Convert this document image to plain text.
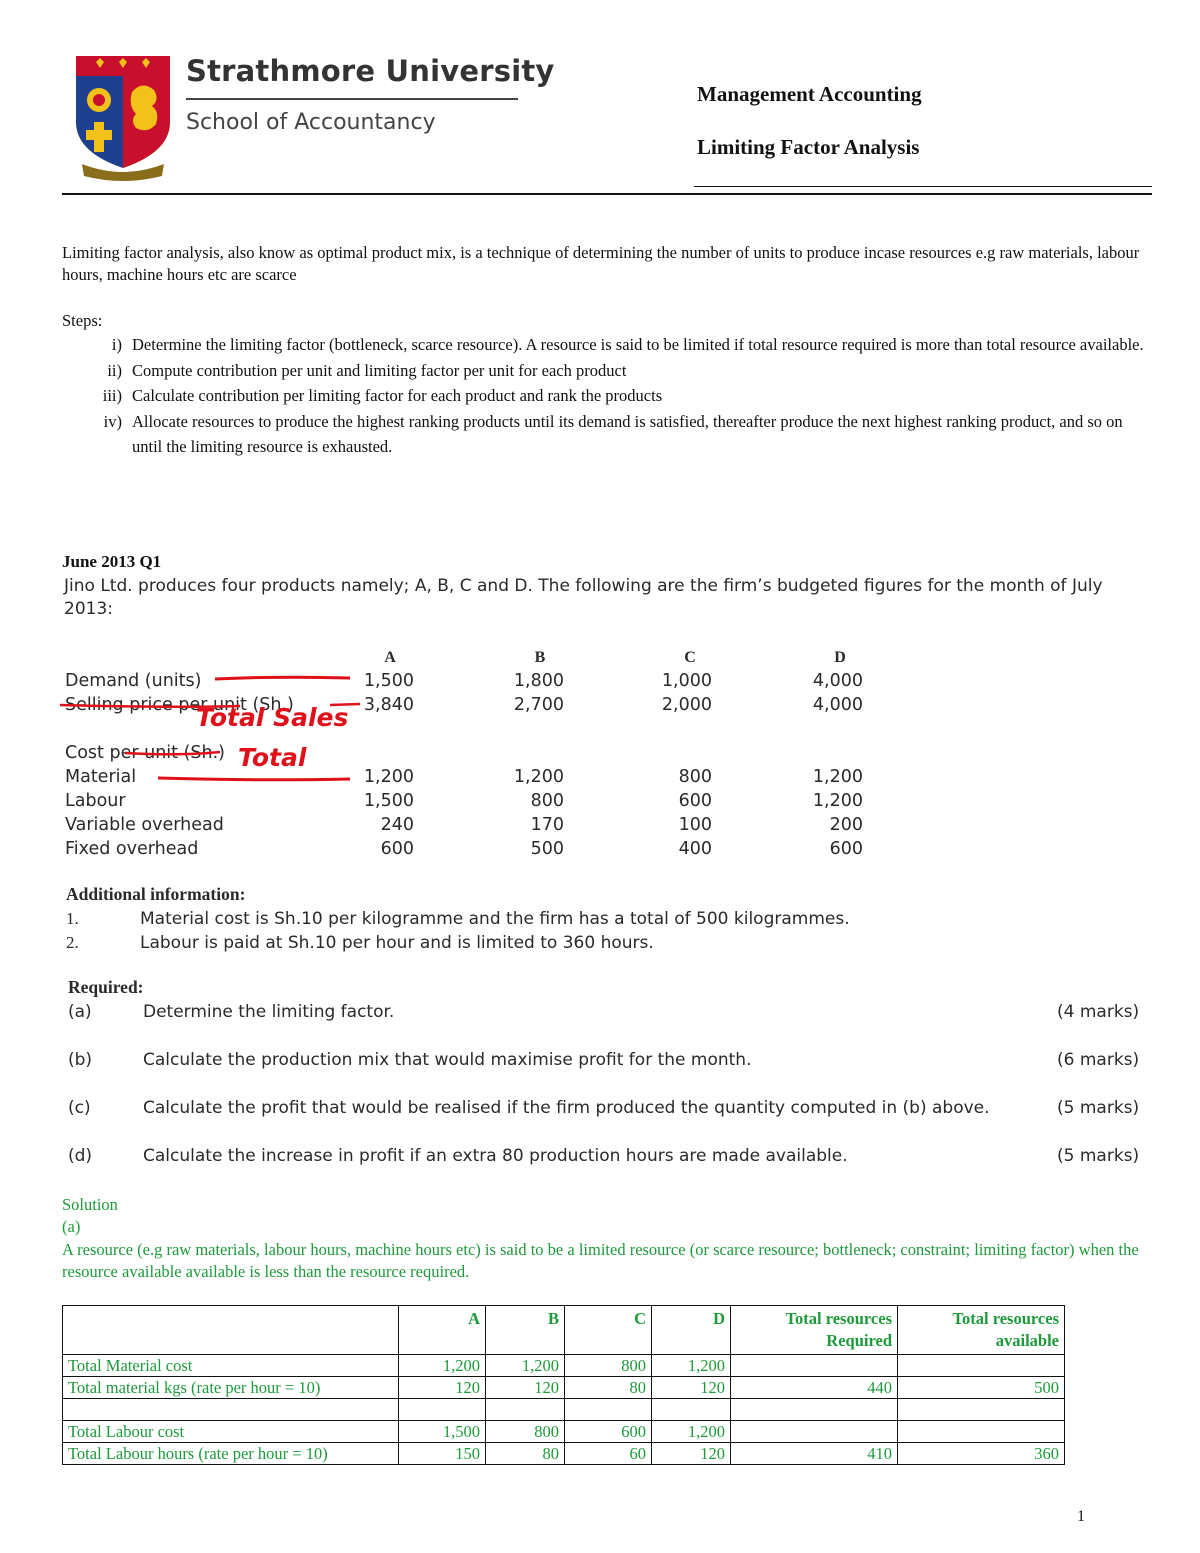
Strathmore University
School of Accountancy
Management Accounting
Limiting Factor Analysis
Limiting factor analysis, also know as optimal product mix, is a technique of determining the number of units to produce incase resources e.g raw materials, labour hours, machine hours etc are scarce
Steps:
i) Determine the limiting factor (bottleneck, scarce resource). A resource is said to be limited if total resource required is more than total resource available.
ii) Compute contribution per unit and limiting factor per unit for each product
iii) Calculate contribution per limiting factor for each product and rank the products
iv) Allocate resources to produce the highest ranking products until its demand is satisfied, thereafter produce the next highest ranking product, and so on until the limiting resource is exhausted.
June 2013 Q1
Jino Ltd. produces four products namely; A, B, C and D. The following are the firm’s budgeted figures for the month of July 2013:
A	B	C	D
Demand (units)	1,500	1,800	1,000	4,000
Selling price per unit (Sh.)	3,840	2,700	2,000	4,000
Cost per unit (Sh.)
Material	1,200	1,200	800	1,200
Labour	1,500	800	600	1,200
Variable overhead	240	170	100	200
Fixed overhead	600	500	400	600
Total Sales
Total
Additional information:
1.	Material cost is Sh.10 per kilogramme and the firm has a total of 500 kilogrammes.
2.	Labour is paid at Sh.10 per hour and is limited to 360 hours.
Required:
(a)	Determine the limiting factor.	(4 marks)
(b)	Calculate the production mix that would maximise profit for the month.	(6 marks)
(c)	Calculate the profit that would be realised if the firm produced the quantity computed in (b) above.	(5 marks)
(d)	Calculate the increase in profit if an extra 80 production hours are made available.	(5 marks)
Solution
(a)
A resource (e.g raw materials, labour hours, machine hours etc) is said to be a limited resource (or scarce resource; bottleneck; constraint; limiting factor) when the resource available available is less than the resource required.
	A	B	C	D	Total resources Required	Total resources available
Total Material cost	1,200	1,200	800	1,200		
Total material kgs (rate per hour = 10)	120	120	80	120	440	500

Total Labour cost	1,500	800	600	1,200		
Total Labour hours (rate per hour = 10)	150	80	60	120	410	360
1
